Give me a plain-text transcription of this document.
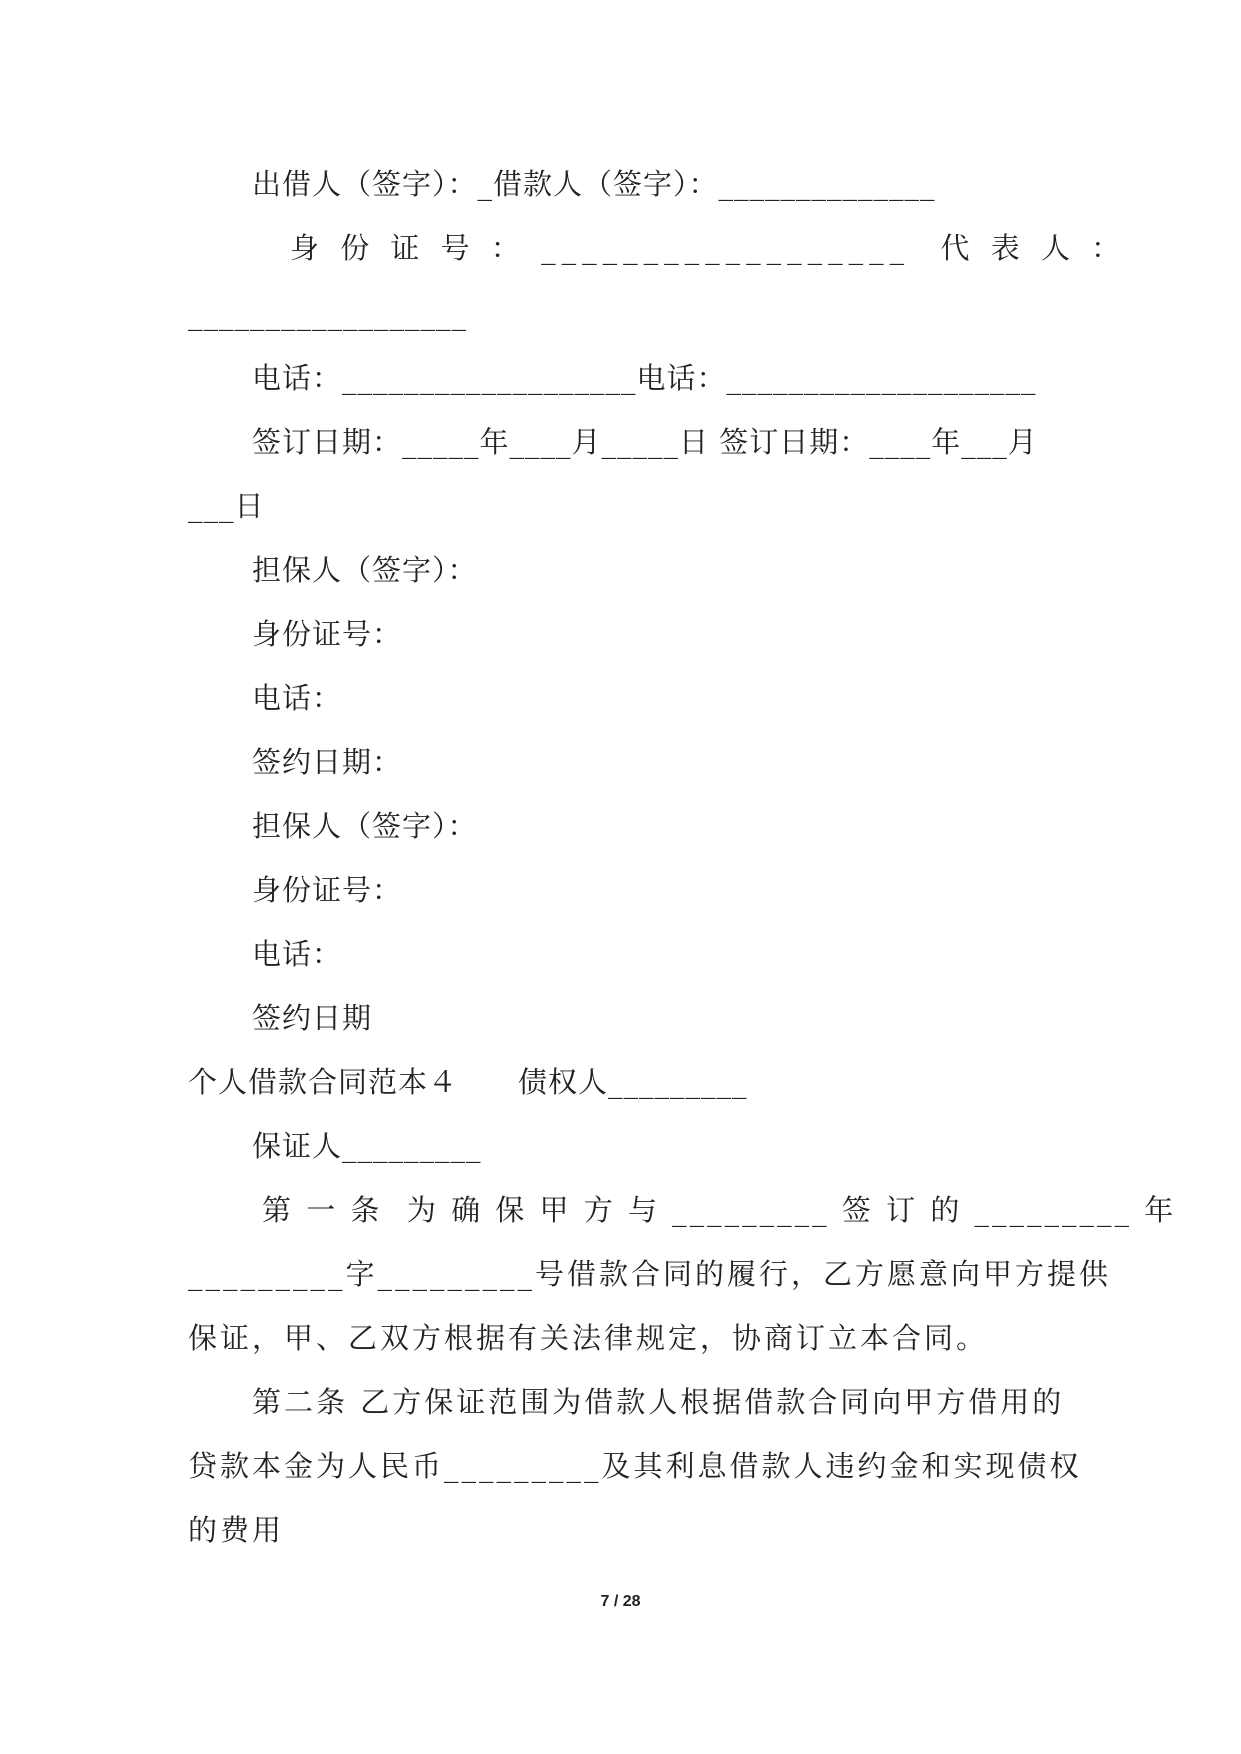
出借人（签字）：_借款人（签字）：______________
身 份 证 号 ： __________________  代 表 人 ：
__________________
电话：___________________电话：____________________
签订日期：_____年____月_____日 签订日期：____年___月
___日
担保人（签字）：
身份证号：
电话：
签约日期：
担保人（签字）：
身份证号：
电话：
签约日期
个人借款合同范本４　　债权人_________
保证人_________
第 一 条  为 确 保 甲 方 与 _________ 签 订 的 _________ 年
_________字_________号借款合同的履行，乙方愿意向甲方提供
保证，甲、乙双方根据有关法律规定，协商订立本合同。
第二条 乙方保证范围为借款人根据借款合同向甲方借用的
贷款本金为人民币_________及其利息借款人违约金和实现债权
的费用
7 / 28
